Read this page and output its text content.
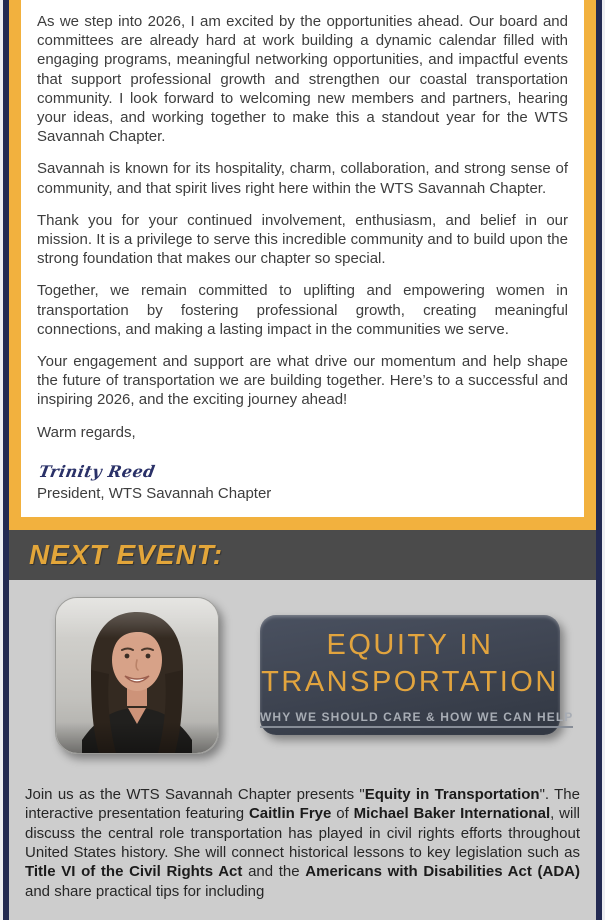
As we step into 2026, I am excited by the opportunities ahead. Our board and committees are already hard at work building a dynamic calendar filled with engaging programs, meaningful networking opportunities, and impactful events that support professional growth and strengthen our coastal transportation community. I look forward to welcoming new members and partners, hearing your ideas, and working together to make this a standout year for the WTS Savannah Chapter.

Savannah is known for its hospitality, charm, collaboration, and strong sense of community, and that spirit lives right here within the WTS Savannah Chapter.

Thank you for your continued involvement, enthusiasm, and belief in our mission. It is a privilege to serve this incredible community and to build upon the strong foundation that makes our chapter so special.

Together, we remain committed to uplifting and empowering women in transportation by fostering professional growth, creating meaningful connections, and making a lasting impact in the communities we serve.

Your engagement and support are what drive our momentum and help shape the future of transportation we are building together. Here’s to a successful and inspiring 2026, and the exciting journey ahead!

Warm regards,

Trinity Reed
President, WTS Savannah Chapter
NEXT EVENT:
EQUITY IN
TRANSPORTATION
WHY WE SHOULD CARE & HOW WE CAN HELP

Join us as the WTS Savannah Chapter presents "Equity in Transportation". The interactive presentation featuring Caitlin Frye of Michael Baker International, will discuss the central role transportation has played in civil rights efforts throughout United States history. She will connect historical lessons to key legislation such as Title VI of the Civil Rights Act and the Americans with Disabilities Act (ADA) and share practical tips for including
